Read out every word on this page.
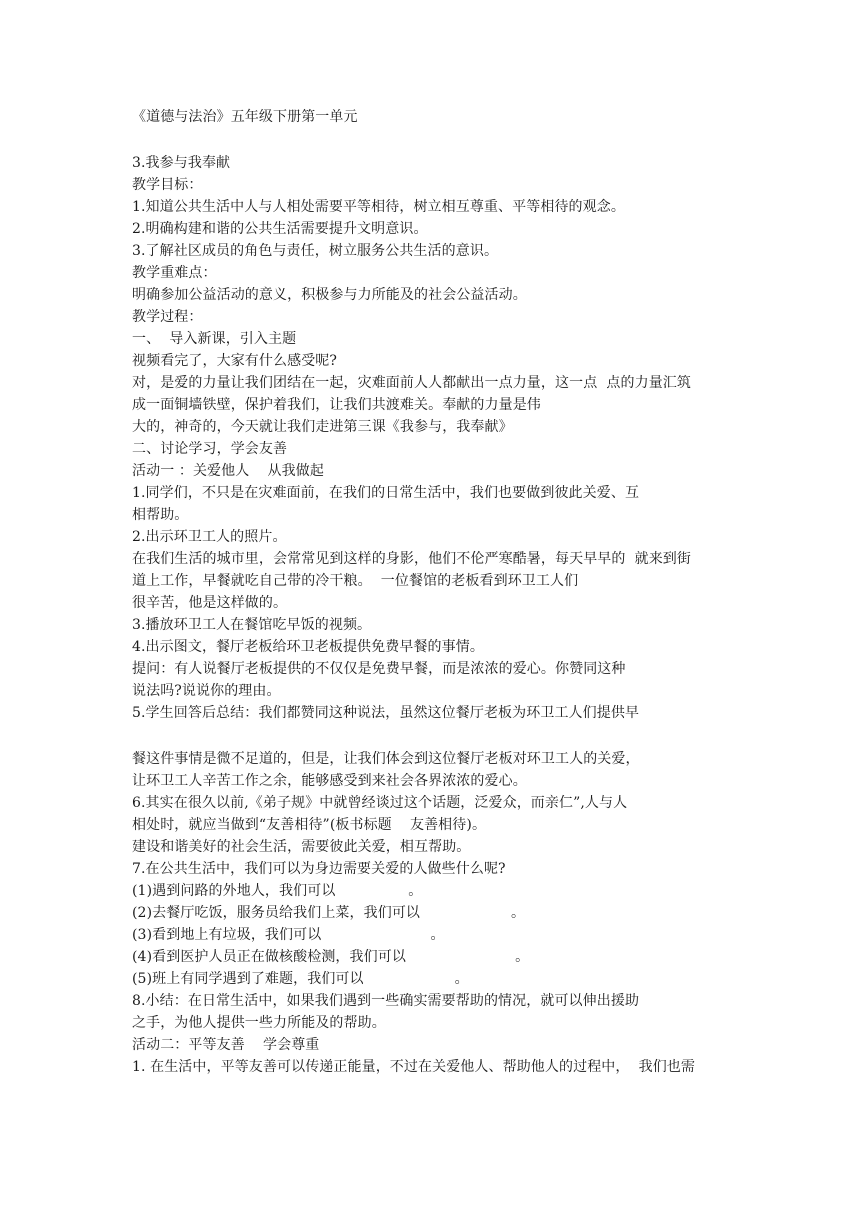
《道德与法治》五年级下册第一单元
3.我参与我奉献
教学目标：
1.知道公共生活中人与人相处需要平等相待，树立相互尊重、平等相待的观念。
2.明确构建和谐的公共生活需要提升文明意识。
3.了解社区成员的角色与责任，树立服务公共生活的意识。
教学重难点：
明确参加公益活动的意义，积极参与力所能及的社会公益活动。
教学过程：
一、  导入新课，引入主题
视频看完了，大家有什么感受呢?
对，是爱的力量让我们团结在一起，灾难面前人人都献出一点力量，这一点  点的力量汇筑
成一面铜墙铁壁，保护着我们，让我们共渡难关。奉献的力量是伟
大的，神奇的，今天就让我们走进第三课《我参与，我奉献》
二、讨论学习，学会友善
活动一 ：关爱他人    从我做起
1.同学们，不只是在灾难面前，在我们的日常生活中，我们也要做到彼此关爱、互
相帮助。
2.出示环卫工人的照片。
在我们生活的城市里，会常常见到这样的身影，他们不伦严寒酷暑，每天早早的  就来到街
道上工作，早餐就吃自己带的冷干粮。  一位餐馆的老板看到环卫工人们
很辛苦，他是这样做的。
3.播放环卫工人在餐馆吃早饭的视频。
4.出示图文，餐厅老板给环卫老板提供免费早餐的事情。
提问：有人说餐厅老板提供的不仅仅是免费早餐，而是浓浓的爱心。你赞同这种
说法吗?说说你的理由。
5.学生回答后总结：我们都赞同这种说法，虽然这位餐厅老板为环卫工人们提供早
餐这件事情是微不足道的，但是，让我们体会到这位餐厅老板对环卫工人的关爱，
让环卫工人辛苦工作之余，能够感受到来社会各界浓浓的爱心。
6.其实在很久以前,《弟子规》中就曾经谈过这个话题，泛爱众，而亲仁”,人与人
相处时，就应当做到“友善相待”(板书标题    友善相待)。
建设和谐美好的社会生活，需要彼此关爱，相互帮助。
7.在公共生活中，我们可以为身边需要关爱的人做些什么呢?
(1)遇到问路的外地人，我们可以                。
(2)去餐厅吃饭，服务员给我们上菜，我们可以                    。
(3)看到地上有垃圾，我们可以                        。
(4)看到医护人员正在做核酸检测，我们可以                        。
(5)班上有同学遇到了难题，我们可以                    。
8.小结：在日常生活中，如果我们遇到一些确实需要帮助的情况，就可以伸出援助
之手，为他人提供一些力所能及的帮助。
活动二：平等友善    学会尊重
1. 在生活中，平等友善可以传递正能量，不过在关爱他人、帮助他人的过程中，  我们也需
